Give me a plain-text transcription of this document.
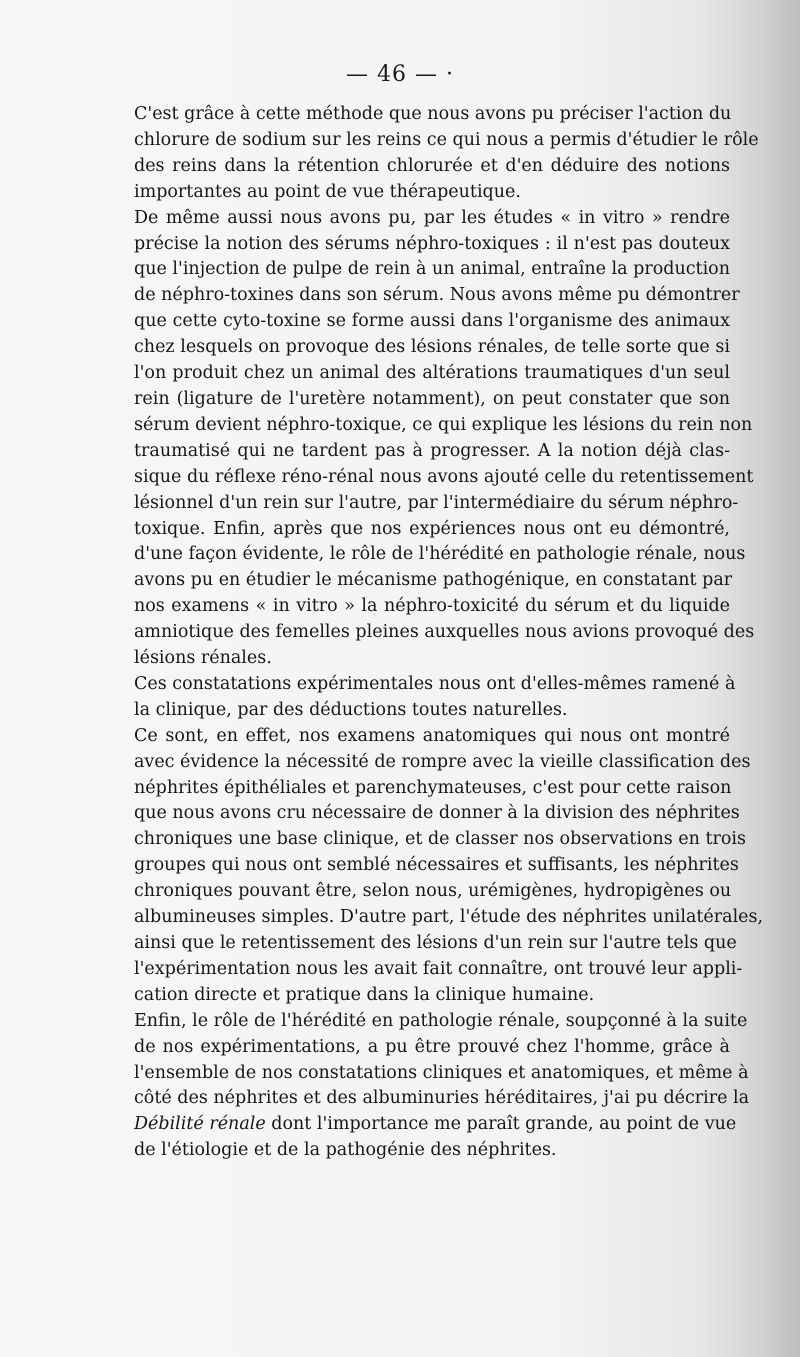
— 46 — ·
C'est grâce à cette méthode que nous avons pu préciser l'action du
chlorure de sodium sur les reins ce qui nous a permis d'étudier le rôle
des reins dans la rétention chlorurée et d'en déduire des notions
importantes au point de vue thérapeutique.
De même aussi nous avons pu, par les études « in vitro » rendre
précise la notion des sérums néphro-toxiques : il n'est pas douteux
que l'injection de pulpe de rein à un animal, entraîne la production
de néphro-toxines dans son sérum. Nous avons même pu démontrer
que cette cyto-toxine se forme aussi dans l'organisme des animaux
chez lesquels on provoque des lésions rénales, de telle sorte que si
l'on produit chez un animal des altérations traumatiques d'un seul
rein (ligature de l'uretère notamment), on peut constater que son
sérum devient néphro-toxique, ce qui explique les lésions du rein non
traumatisé qui ne tardent pas à progresser. A la notion déjà clas-
sique du réflexe réno-rénal nous avons ajouté celle du retentissement
lésionnel d'un rein sur l'autre, par l'intermédiaire du sérum néphro-
toxique. Enfin, après que nos expériences nous ont eu démontré,
d'une façon évidente, le rôle de l'hérédité en pathologie rénale, nous
avons pu en étudier le mécanisme pathogénique, en constatant par
nos examens « in vitro » la néphro-toxicité du sérum et du liquide
amniotique des femelles pleines auxquelles nous avions provoqué des
lésions rénales.
Ces constatations expérimentales nous ont d'elles-mêmes ramené à
la clinique, par des déductions toutes naturelles.
Ce sont, en effet, nos examens anatomiques qui nous ont montré
avec évidence la nécessité de rompre avec la vieille classification des
néphrites épithéliales et parenchymateuses, c'est pour cette raison
que nous avons cru nécessaire de donner à la division des néphrites
chroniques une base clinique, et de classer nos observations en trois
groupes qui nous ont semblé nécessaires et suffisants, les néphrites
chroniques pouvant être, selon nous, urémigènes, hydropigènes ou
albumineuses simples. D'autre part, l'étude des néphrites unilatérales,
ainsi que le retentissement des lésions d'un rein sur l'autre tels que
l'expérimentation nous les avait fait connaître, ont trouvé leur appli-
cation directe et pratique dans la clinique humaine.
Enfin, le rôle de l'hérédité en pathologie rénale, soupçonné à la suite
de nos expérimentations, a pu être prouvé chez l'homme, grâce à
l'ensemble de nos constatations cliniques et anatomiques, et même à
côté des néphrites et des albuminuries héréditaires, j'ai pu décrire la
Débilité rénale dont l'importance me paraît grande, au point de vue
de l'étiologie et de la pathogénie des néphrites.
